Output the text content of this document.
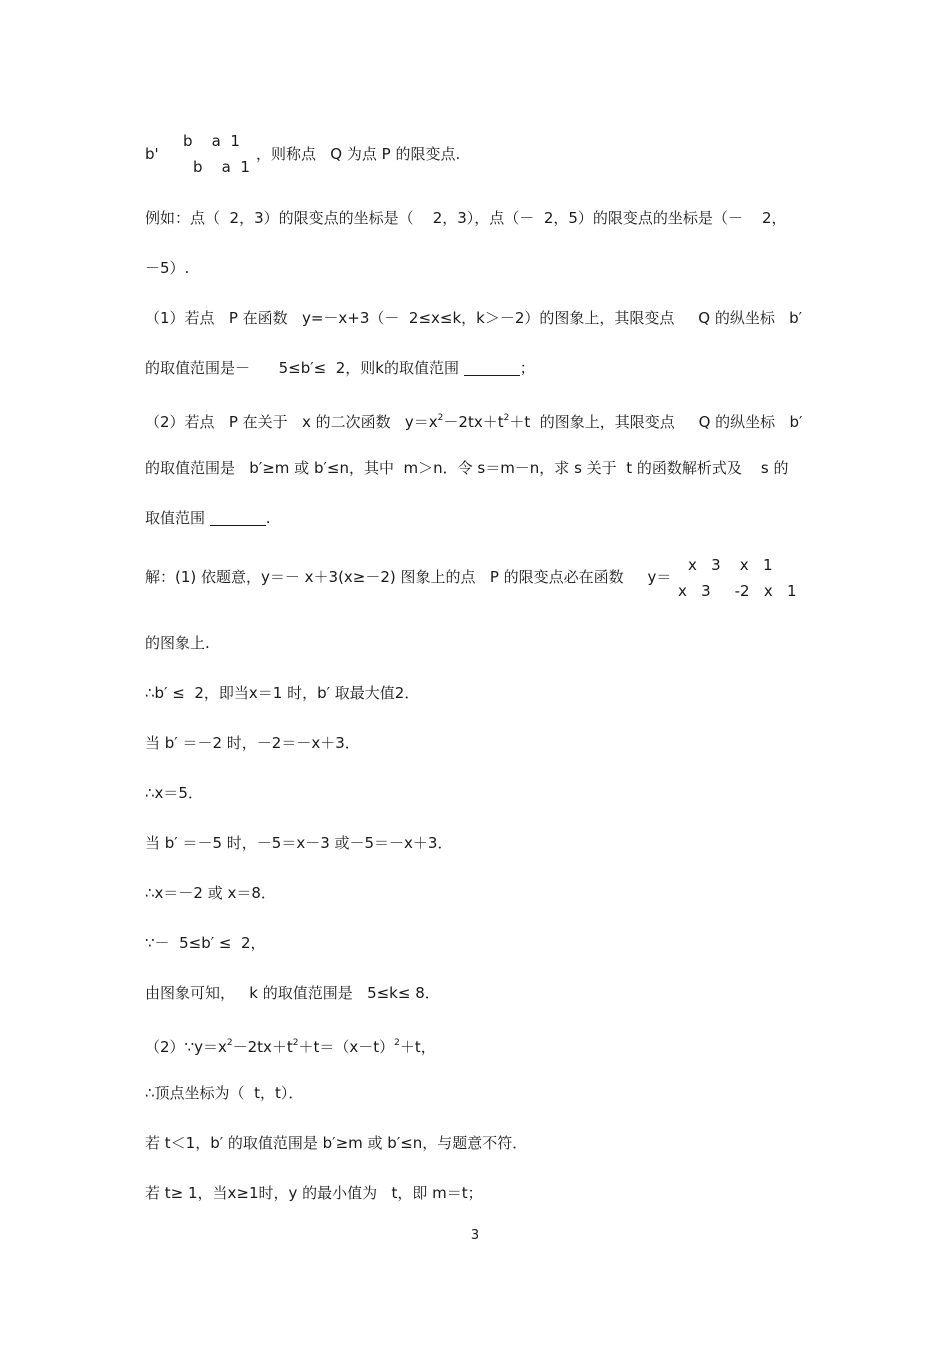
b'
b    a  1
b    a  1
，则称点   Q 为点 P 的限变点.
例如：点（  2，3）的限变点的坐标是（    2，3），点（－  2，5）的限变点的坐标是（－    2，
－5）.
（1）若点   P 在函数   y=－x+3（－  2≤x≤k，k＞－2）的图象上，其限变点     Q 的纵坐标   b′
的取值范围是－      5≤b′≤  2，则k的取值范围	；
（2）若点   P 在关于   x 的二次函数   $y=x^2-2tx+t^2+t$  的图象上，其限变点     Q 的纵坐标   b′
的取值范围是   b′≥m 或 b′≤n，其中  m＞n．令 s＝m－n，求 s 关于  t 的函数解析式及    s 的
取值范围	.
解：(1) 依题意，y＝－ x＋3(x≥－2) 图象上的点   P 的限变点必在函数     y＝
x   3    x   1
x   3     -2   x   1
的图象上.
∴b′ ≤  2，即当x＝1 时，b′ 取最大值2．
当 b′ ＝－2 时，－2＝－x＋3．
∴x＝5．
当 b′ ＝－5 时，－5＝x－3 或－5＝－x＋3．
∴x＝－2 或 x＝8．
∵－  5≤b′ ≤  2，
由图象可知，   k 的取值范围是   5≤k≤ 8．
$(2)\because y=x^2-2tx+t^2+t=(x-t)^2+t$，
∴顶点坐标为（  t，t）．
若 t＜1，b′ 的取值范围是 b′≥m 或 b′≤n，与题意不符．
若 t≥ 1，当x≥1时，y 的最小值为   t，即 m＝t；
3
